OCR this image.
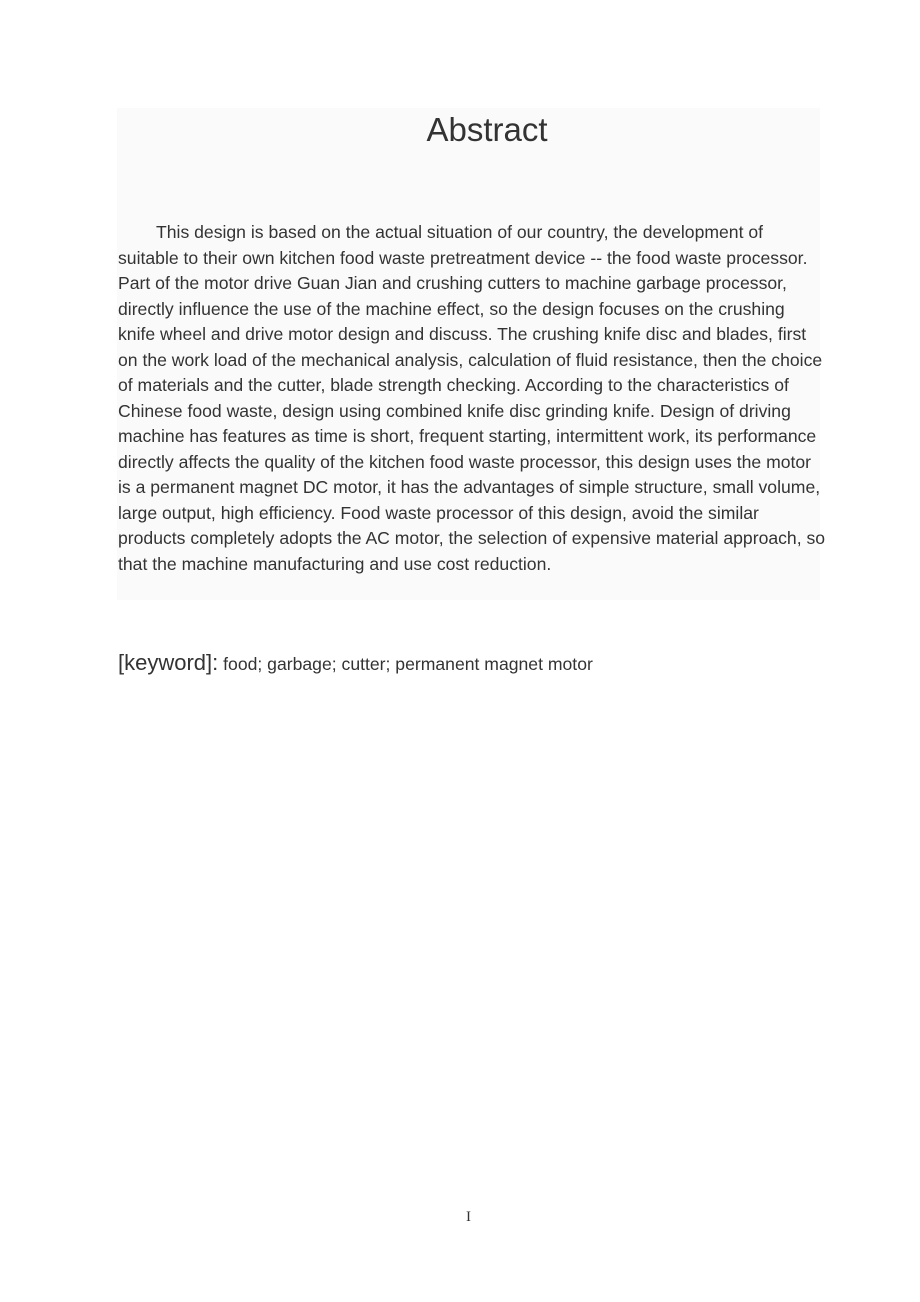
Abstract

This design is based on the actual situation of our country, the development of suitable to their own kitchen food waste pretreatment device -- the food waste processor. Part of the motor drive Guan Jian and crushing cutters to machine garbage processor, directly influence the use of the machine effect, so the design focuses on the crushing knife wheel and drive motor design and discuss. The crushing knife disc and blades, first on the work load of the mechanical analysis, calculation of fluid resistance, then the choice of materials and the cutter, blade strength checking. According to the characteristics of Chinese food waste, design using combined knife disc grinding knife. Design of driving machine has features as time is short, frequent starting, intermittent work, its performance directly affects the quality of the kitchen food waste processor, this design uses the motor is a permanent magnet DC motor, it has the advantages of simple structure, small volume, large output, high efficiency. Food waste processor of this design, avoid the similar products completely adopts the AC motor, the selection of expensive material approach, so that the machine manufacturing and use cost reduction.

[keyword]: food; garbage; cutter; permanent magnet motor

I
